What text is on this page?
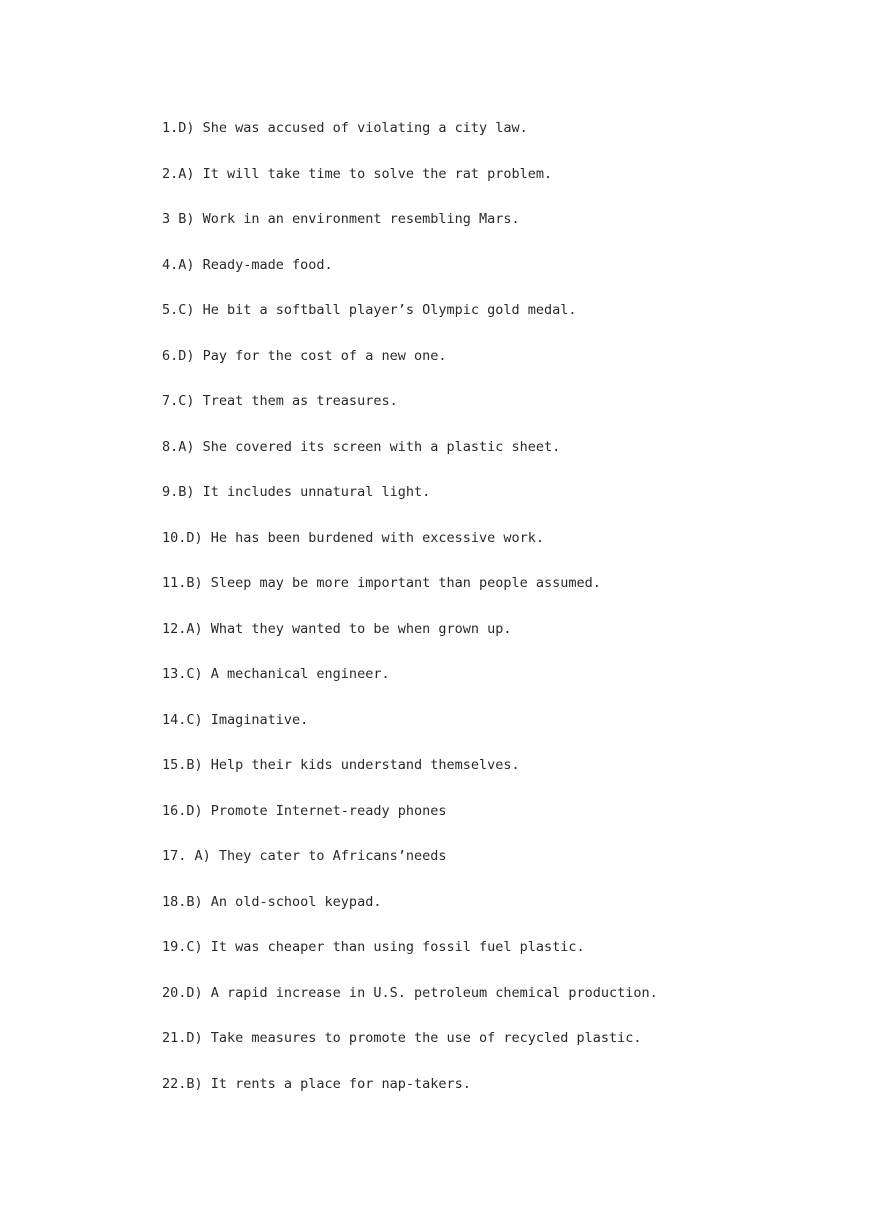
1.D) She was accused of violating a city law.
2.A) It will take time to solve the rat problem.
3 B) Work in an environment resembling Mars.
4.A) Ready-made food.
5.C) He bit a softball player’s Olympic gold medal.
6.D) Pay for the cost of a new one.
7.C) Treat them as treasures.
8.A) She covered its screen with a plastic sheet.
9.B) It includes unnatural light.
10.D) He has been burdened with excessive work.
11.B) Sleep may be more important than people assumed.
12.A) What they wanted to be when grown up.
13.C) A mechanical engineer.
14.C) Imaginative.
15.B) Help their kids understand themselves.
16.D) Promote Internet-ready phones
17. A) They cater to Africans’needs
18.B) An old-school keypad.
19.C) It was cheaper than using fossil fuel plastic.
20.D) A rapid increase in U.S. petroleum chemical production.
21.D) Take measures to promote the use of recycled plastic.
22.B) It rents a place for nap-takers.
